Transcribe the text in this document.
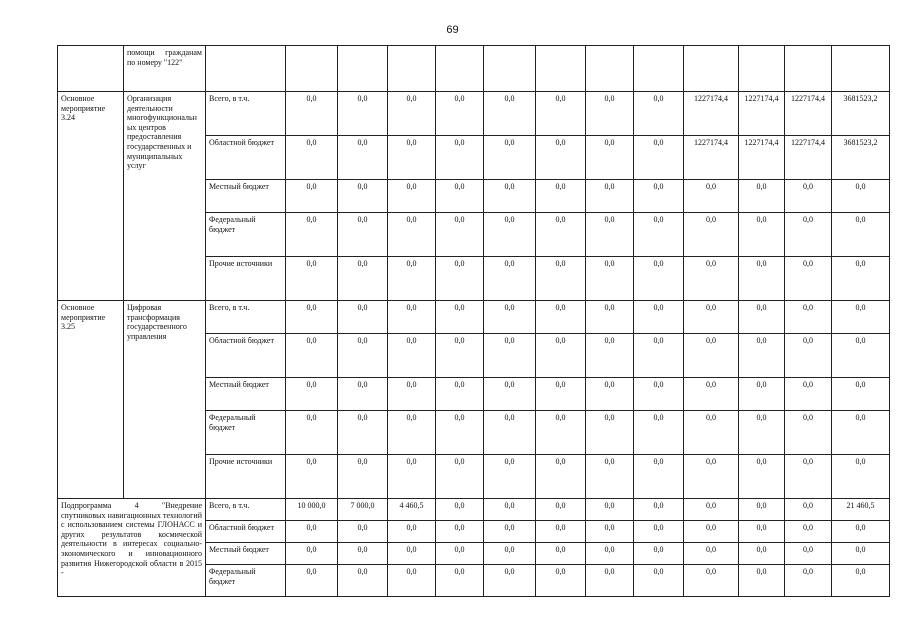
69
	помощи гражданам по номеру "122"													
Основное мероприятие 3.24	Организация деятельности многофункциональных центров предоставления государственных и муниципальных услуг	Всего, в т.ч.	0,0	0,0	0,0	0,0	0,0	0,0	0,0	0,0	1227174,4	1227174,4	1227174,4	3681523,2
		Областной бюджет	0,0	0,0	0,0	0,0	0,0	0,0	0,0	0,0	1227174,4	1227174,4	1227174,4	3681523,2
		Местный бюджет	0,0	0,0	0,0	0,0	0,0	0,0	0,0	0,0	0,0	0,0	0,0	0,0
		Федеральный бюджет	0,0	0,0	0,0	0,0	0,0	0,0	0,0	0,0	0,0	0,0	0,0	0,0
		Прочие источники	0,0	0,0	0,0	0,0	0,0	0,0	0,0	0,0	0,0	0,0	0,0	0,0
Основное мероприятие 3.25	Цифровая трансформация государственного управления	Всего, в т.ч.	0,0	0,0	0,0	0,0	0,0	0,0	0,0	0,0	0,0	0,0	0,0	0,0
		Областной бюджет	0,0	0,0	0,0	0,0	0,0	0,0	0,0	0,0	0,0	0,0	0,0	0,0
		Местный бюджет	0,0	0,0	0,0	0,0	0,0	0,0	0,0	0,0	0,0	0,0	0,0	0,0
		Федеральный бюджет	0,0	0,0	0,0	0,0	0,0	0,0	0,0	0,0	0,0	0,0	0,0	0,0
		Прочие источники	0,0	0,0	0,0	0,0	0,0	0,0	0,0	0,0	0,0	0,0	0,0	0,0
Подпрограмма 4 "Внедрение спутниковых навигационных технологий с использованием системы ГЛОНАСС и других результатов космической деятельности в интересах социально-экономического и инновационного развития Нижегородской области в 2015 -		Всего, в т.ч.	10 000,0	7 000,0	4 460,5	0,0	0,0	0,0	0,0	0,0	0,0	0,0	0,0	21 460,5
		Областной бюджет	0,0	0,0	0,0	0,0	0,0	0,0	0,0	0,0	0,0	0,0	0,0	0,0
		Местный бюджет	0,0	0,0	0,0	0,0	0,0	0,0	0,0	0,0	0,0	0,0	0,0	0,0
		Федеральный бюджет	0,0	0,0	0,0	0,0	0,0	0,0	0,0	0,0	0,0	0,0	0,0	0,0
